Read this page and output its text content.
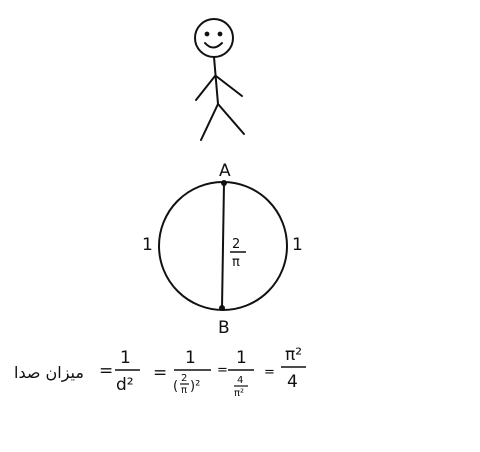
A
B
1	1
2
π
میزان صدا =
1
d²
=
1
(
2
π )²
=
1
4
π²
=
π²
4
